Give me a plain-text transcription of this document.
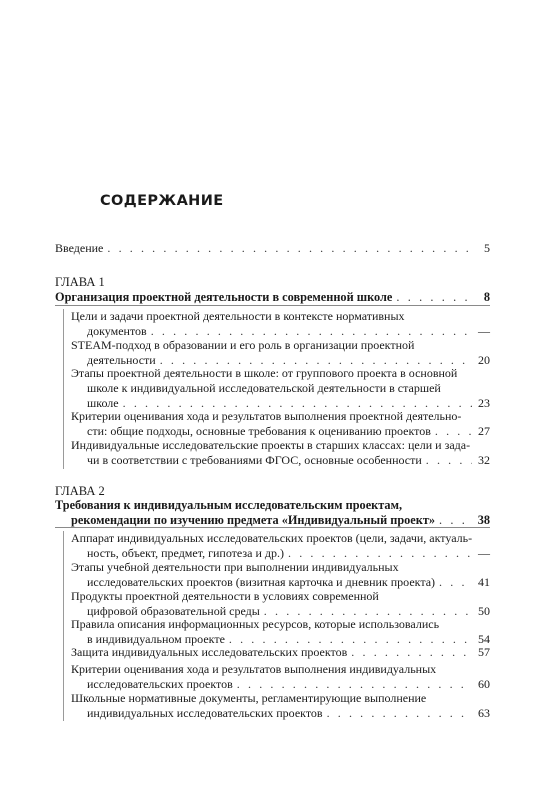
СОДЕРЖАНИЕ
Введение . . .	5
ГЛАВА 1
Организация проектной деятельности в современной школе . . .	8
Цели и задачи проектной деятельности в контексте нормативных
документов . . .	—
STEAM-подход в образовании и его роль в организации проектной
деятельности . . .	20
Этапы проектной деятельности в школе: от группового проекта в основной
школе к индивидуальной исследовательской деятельности в старшей
школе . . .	23
Критерии оценивания хода и результатов выполнения проектной деятельно-
сти: общие подходы, основные требования к оцениванию проектов . . .	27
Индивидуальные исследовательские проекты в старших классах: цели и зада-
чи в соответствии с требованиями ФГОС, основные особенности . . .	32
ГЛАВА 2
Требования к индивидуальным исследовательским проектам,
рекомендации по изучению предмета «Индивидуальный проект» . . .	38
Аппарат индивидуальных исследовательских проектов (цели, задачи, актуаль-
ность, объект, предмет, гипотеза и др.) . . .	—
Этапы учебной деятельности при выполнении индивидуальных
исследовательских проектов (визитная карточка и дневник проекта) . . .	41
Продукты проектной деятельности в условиях современной
цифровой образовательной среды . . .	50
Правила описания информационных ресурсов, которые использовались
в индивидуальном проекте . . .	54
Защита индивидуальных исследовательских проектов . . .	57
Критерии оценивания хода и результатов выполнения индивидуальных
исследовательских проектов . . .	60
Школьные нормативные документы, регламентирующие выполнение
индивидуальных исследовательских проектов . . .	63
